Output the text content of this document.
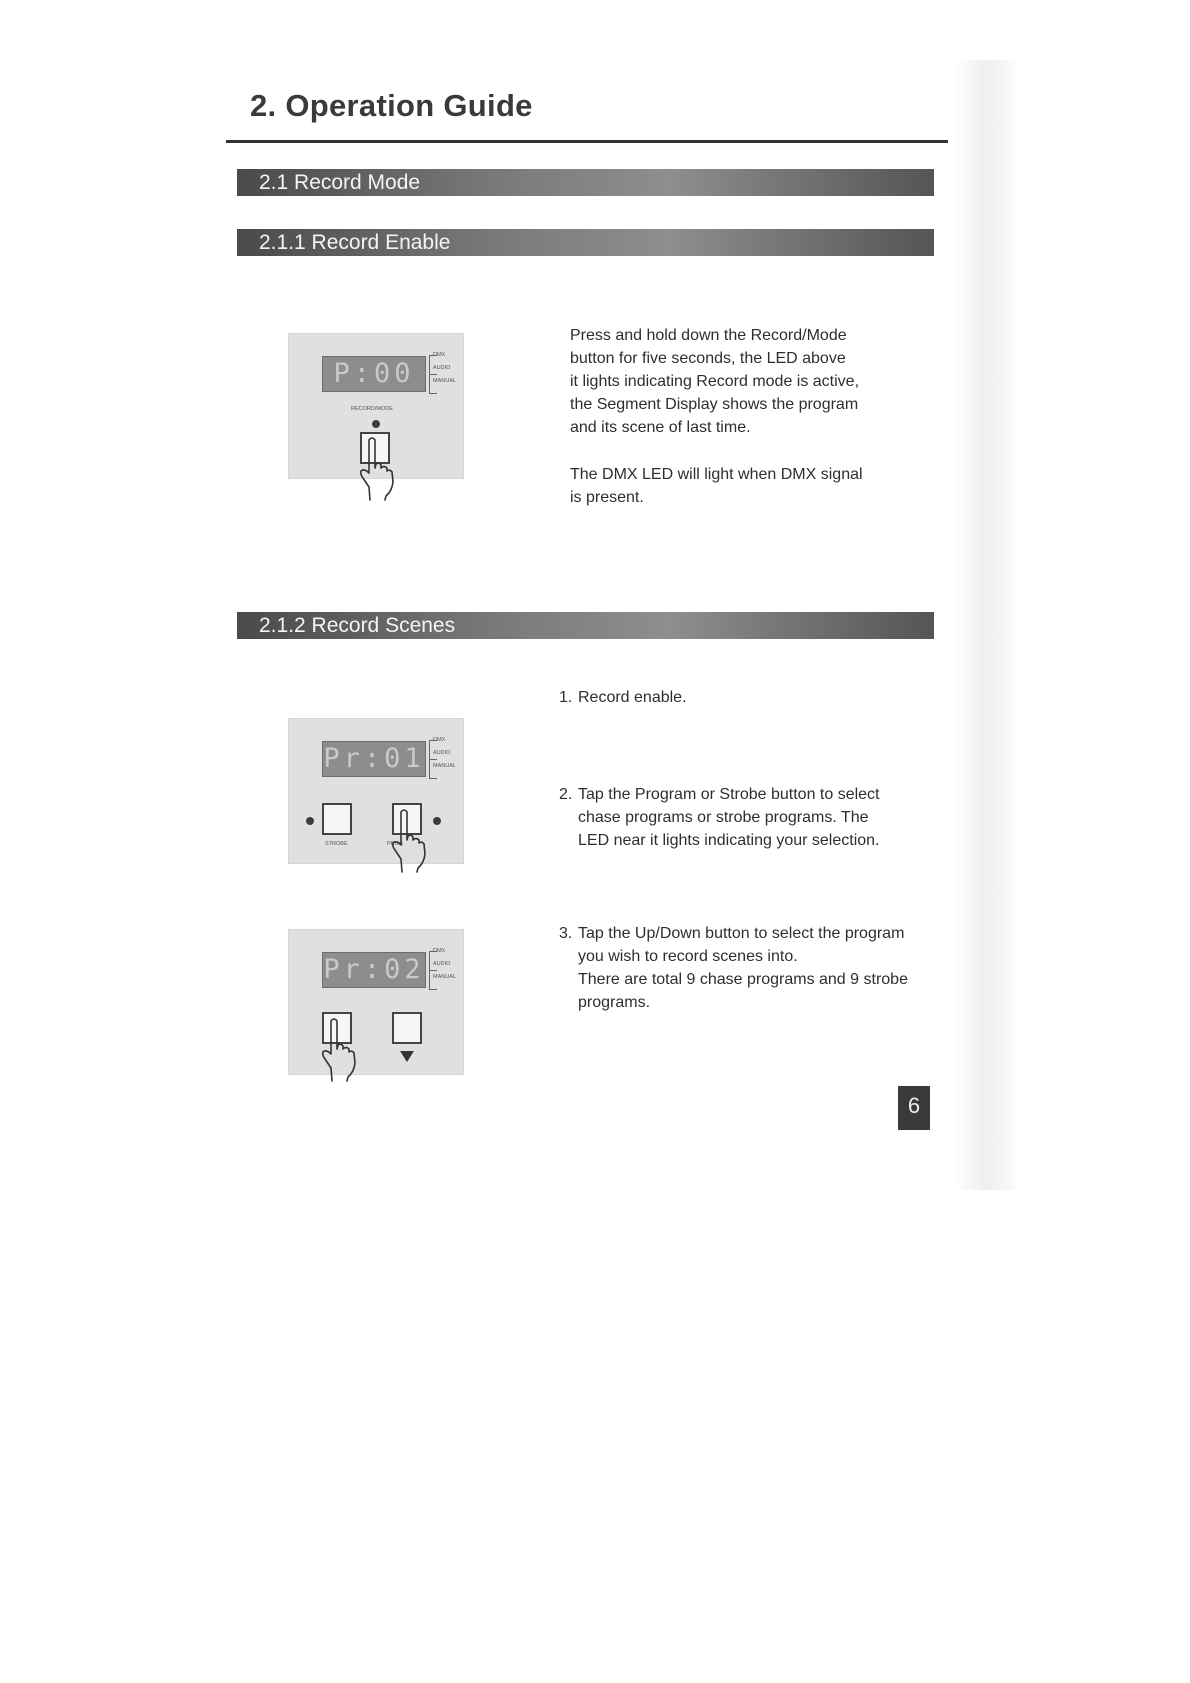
2. Operation Guide
2.1 Record Mode
2.1.1 Record Enable
P:00
DMX
AUDIO
MANUAL
RECORD/MODE

Press and hold down the Record/Mode

button for five seconds, the LED above

it lights indicating Record mode is active,

the Segment Display shows the program

and its scene of last time.

The DMX LED will light when DMX signal

is present.

2.1.2 Record Scenes
Pr:01
DMX
AUDIO
MANUAL
STROBE	PROG
Pr:02
DMX
AUDIO
MANUAL
1. Record enable.

2. Tap the Program or Strobe button to select

chase programs or strobe programs. The

LED near it lights indicating your selection.

3. Tap the Up/Down button to select the program

you wish to record scenes into.

There are total 9 chase programs and 9 strobe

programs.

6
